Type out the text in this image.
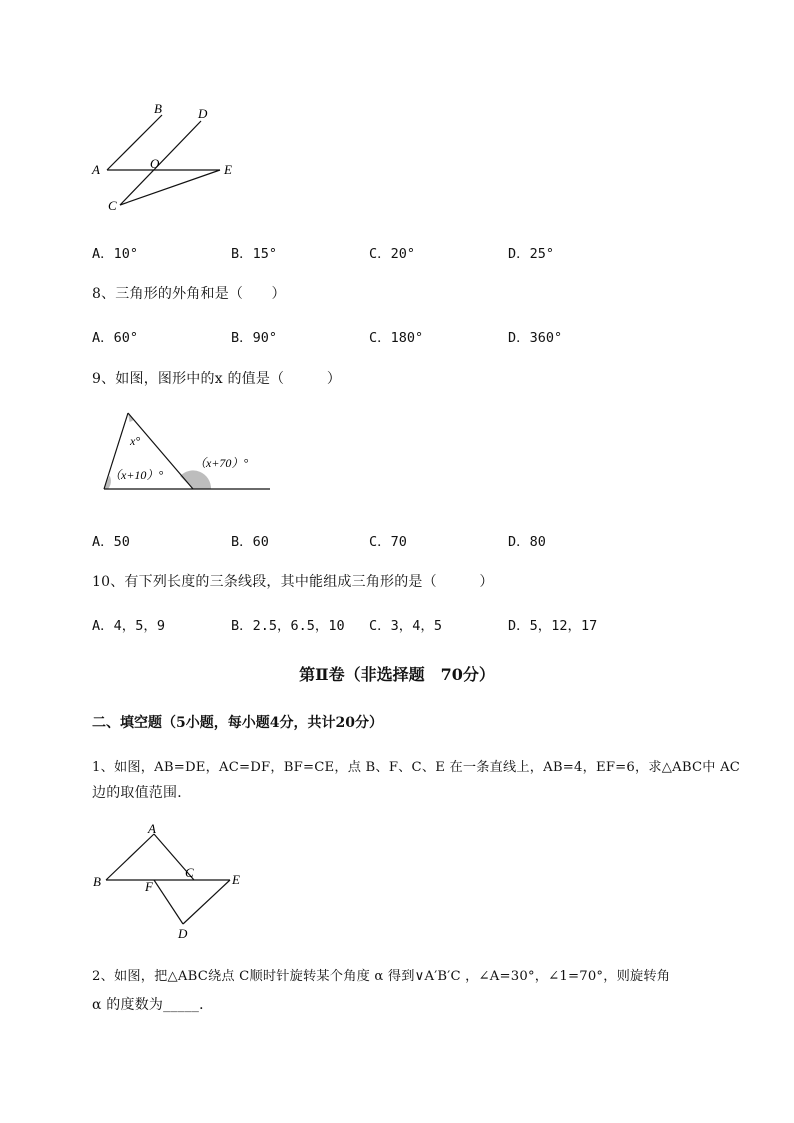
A
B	D
O	E
C
A．10°	B．15°	C．20°	D．25°
8、三角形的外角和是（　　）
A．60°	B．90°	C．180°	D．360°
9、如图，图形中的x 的值是（　　　）
x°
（x+10）°
（x+70）°
A．50	B．60	C．70	D．80
10、有下列长度的三条线段，其中能组成三角形的是（　　　）
A．4，5，9	B．2.5，6.5，10 C．3，4，5	D．5，12，17
第Ⅱ卷（非选择题　70分）
二、填空题（5小题，每小题4分，共计20分）
1、如图，AB=DE，AC=DF，BF=CE，点 B、F、C、E 在一条直线上，AB=4，EF=6，求△ABC中 AC
边的取值范围．
A
B	F
C	E
D
2、如图，把△ABC绕点 C顺时针旋转某个角度 α 得到∨A′B′C ，∠A=30°，∠1=70°，则旋转角
α 的度数为_____．
